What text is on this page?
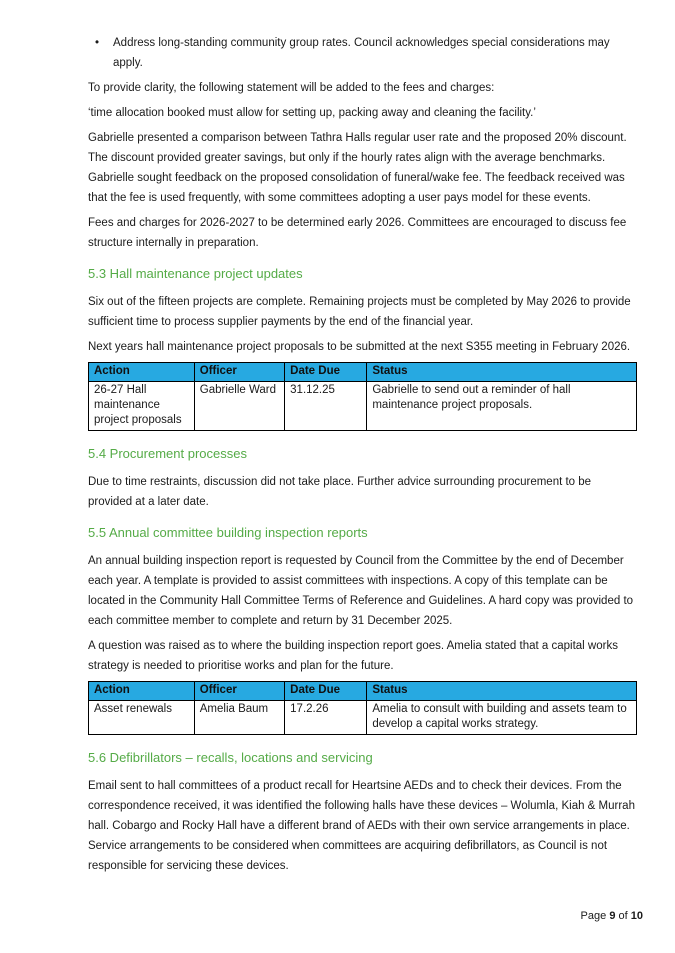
•	Address long-standing community group rates. Council acknowledges special considerations may apply.

To provide clarity, the following statement will be added to the fees and charges:

‘time allocation booked must allow for setting up, packing away and cleaning the facility.’

Gabrielle presented a comparison between Tathra Halls regular user rate and the proposed 20% discount. The discount provided greater savings, but only if the hourly rates align with the average benchmarks. Gabrielle sought feedback on the proposed consolidation of funeral/wake fee. The feedback received was that the fee is used frequently, with some committees adopting a user pays model for these events.

Fees and charges for 2026-2027 to be determined early 2026. Committees are encouraged to discuss fee structure internally in preparation.

5.3 Hall maintenance project updates

Six out of the fifteen projects are complete. Remaining projects must be completed by May 2026 to provide sufficient time to process supplier payments by the end of the financial year.

Next years hall maintenance project proposals to be submitted at the next S355 meeting in February 2026.

Action	Officer	Date Due	Status
26-27 Hall maintenance project proposals	Gabrielle Ward	31.12.25	Gabrielle to send out a reminder of hall maintenance project proposals.
5.4 Procurement processes

Due to time restraints, discussion did not take place. Further advice surrounding procurement to be provided at a later date.

5.5 Annual committee building inspection reports

An annual building inspection report is requested by Council from the Committee by the end of December each year. A template is provided to assist committees with inspections. A copy of this template can be located in the Community Hall Committee Terms of Reference and Guidelines. A hard copy was provided to each committee member to complete and return by 31 December 2025.

A question was raised as to where the building inspection report goes. Amelia stated that a capital works strategy is needed to prioritise works and plan for the future.

Action	Officer	Date Due	Status
Asset renewals	Amelia Baum	17.2.26	Amelia to consult with building and assets team to develop a capital works strategy.
5.6 Defibrillators – recalls, locations and servicing

Email sent to hall committees of a product recall for Heartsine AEDs and to check their devices. From the correspondence received, it was identified the following halls have these devices – Wolumla, Kiah & Murrah hall. Cobargo and Rocky Hall have a different brand of AEDs with their own service arrangements in place. Service arrangements to be considered when committees are acquiring defibrillators, as Council is not responsible for servicing these devices.

Page 9 of 10
